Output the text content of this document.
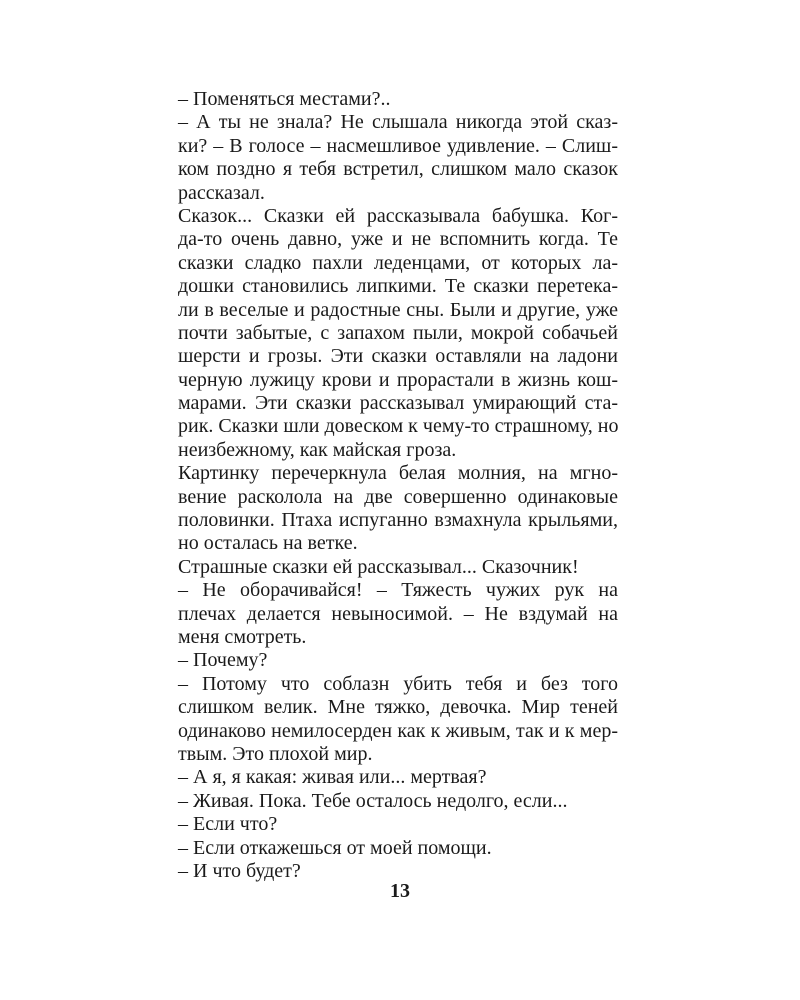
– Поменяться местами?..
– А ты не знала? Не слышала никогда этой сказ-
ки? – В голосе – насмешливое удивление. – Слиш-
ком поздно я тебя встретил, слишком мало сказок
рассказал.
Сказок... Сказки ей рассказывала бабушка. Ког-
да-то очень давно, уже и не вспомнить когда. Те
сказки сладко пахли леденцами, от которых ла-
дошки становились липкими. Те сказки перетека-
ли в веселые и радостные сны. Были и другие, уже
почти забытые, с запахом пыли, мокрой собачьей
шерсти и грозы. Эти сказки оставляли на ладони
черную лужицу крови и прорастали в жизнь кош-
марами. Эти сказки рассказывал умирающий ста-
рик. Сказки шли довеском к чему-то страшному, но
неизбежному, как майская гроза.
Картинку перечеркнула белая молния, на мгно-
вение расколола на две совершенно одинаковые
половинки. Птаха испуганно взмахнула крыльями,
но осталась на ветке.
Страшные сказки ей рассказывал... Сказочник!
– Не оборачивайся! – Тяжесть чужих рук на
плечах делается невыносимой. – Не вздумай на
меня смотреть.
– Почему?
– Потому что соблазн убить тебя и без того
слишком велик. Мне тяжко, девочка. Мир теней
одинаково немилосерден как к живым, так и к мер-
твым. Это плохой мир.
– А я, я какая: живая или... мертвая?
– Живая. Пока. Тебе осталось недолго, если...
– Если что?
– Если откажешься от моей помощи.
– И что будет?
13
